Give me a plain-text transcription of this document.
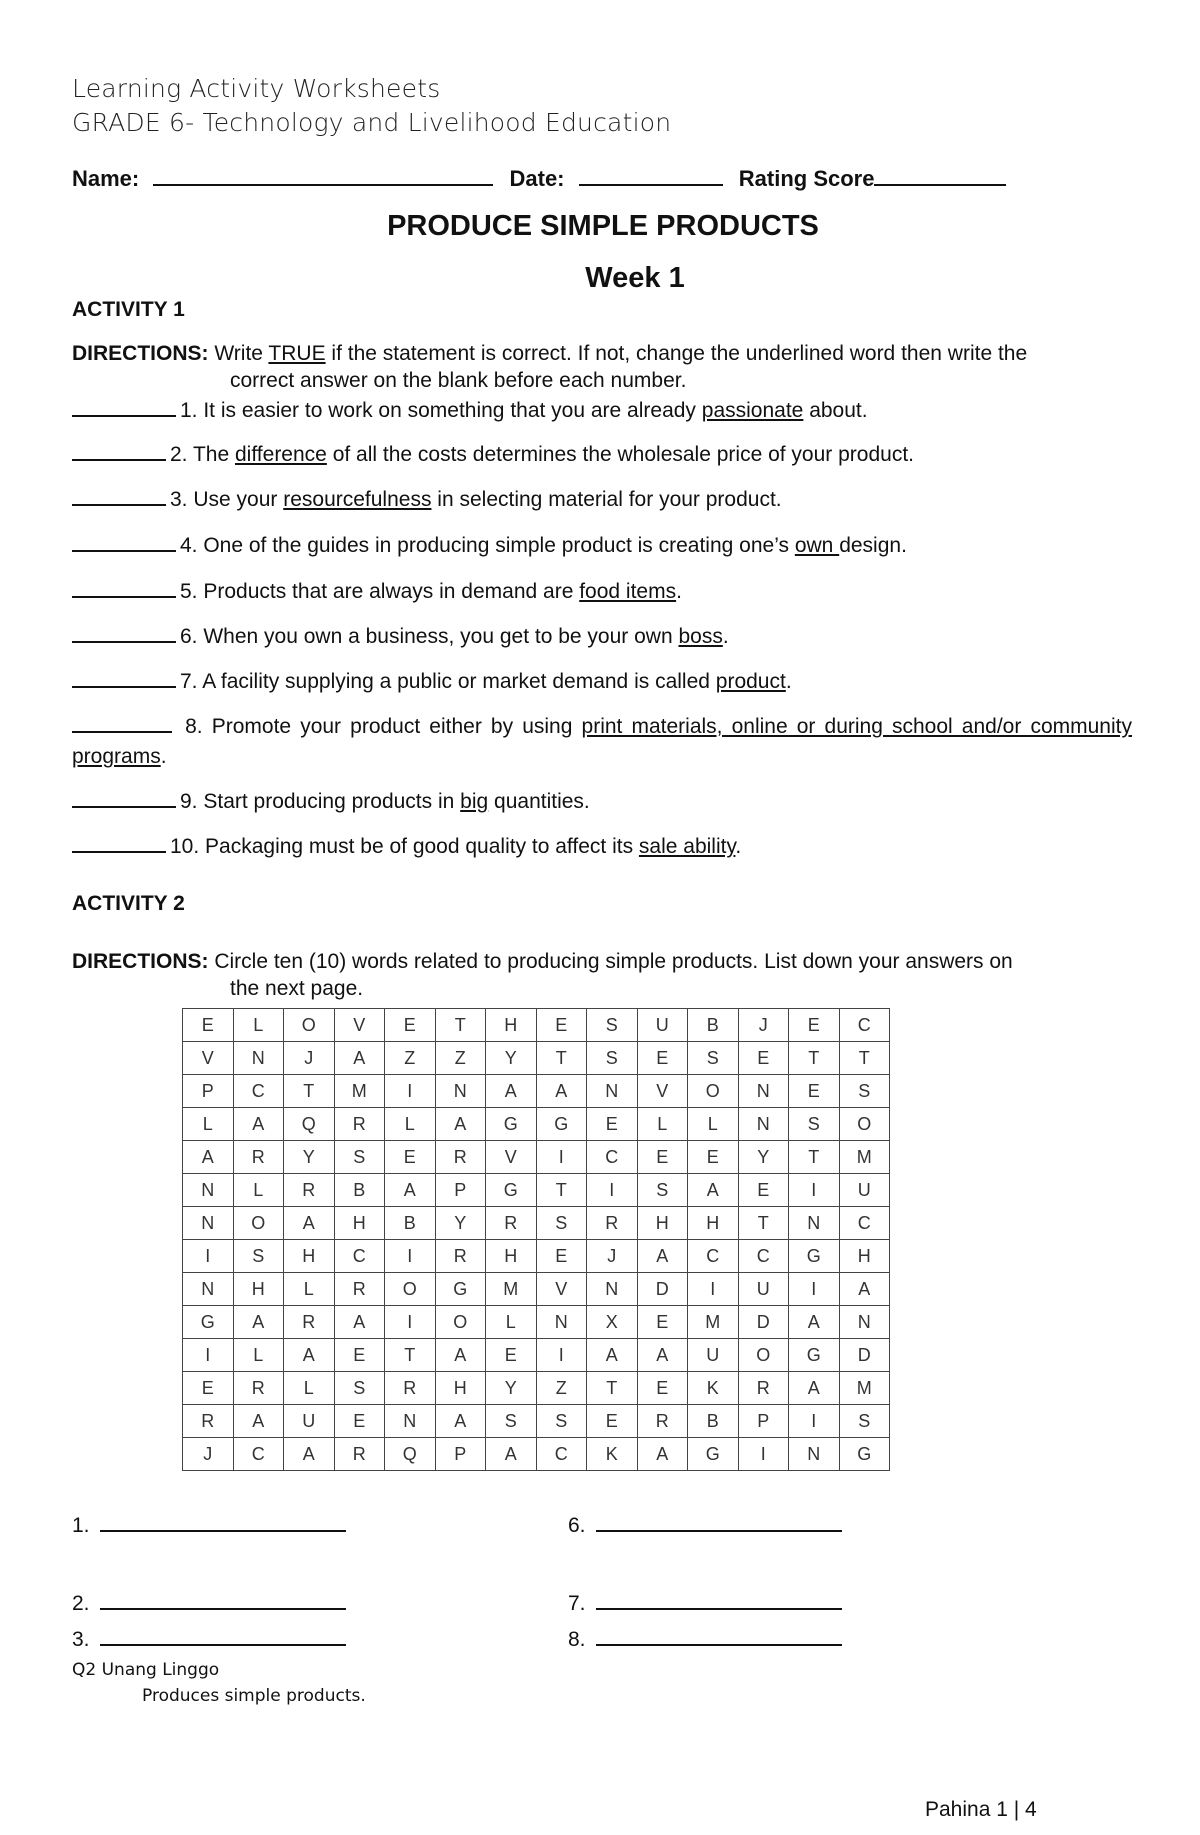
Learning Activity Worksheets
GRADE 6- Technology and Livelihood Education
Name:	Date:	Rating Score
PRODUCE SIMPLE PRODUCTS
Week 1
ACTIVITY 1
DIRECTIONS: Write TRUE if the statement is correct. If not, change the underlined word then write the
correct answer on the blank before each number.
1. It is easier to work on something that you are already passionate about.
2. The difference of all the costs determines the wholesale price of your product.
3. Use your resourcefulness in selecting material for your product.
4. One of the guides in producing simple product is creating one’s own design.
5. Products that are always in demand are food items.
6. When you own a business, you get to be your own boss.
7. A facility supplying a public or market demand is called product.
8. Promote your product either by using print materials, online or during school and/or community programs.
9. Start producing products in big quantities.
10. Packaging must be of good quality to affect its sale ability.
ACTIVITY 2
DIRECTIONS: Circle ten (10) words related to producing simple products. List down your answers on
the next page.
E	L	O	V	E	T	H	E	S	U	B	J	E	C
V	N	J	A	Z	Z	Y	T	S	E	S	E	T	T
P	C	T	M	I	N	A	A	N	V	O	N	E	S
L	A	Q	R	L	A	G	G	E	L	L	N	S	O
A	R	Y	S	E	R	V	I	C	E	E	Y	T	M
N	L	R	B	A	P	G	T	I	S	A	E	I	U
N	O	A	H	B	Y	R	S	R	H	H	T	N	C
I	S	H	C	I	R	H	E	J	A	C	C	G	H
N	H	L	R	O	G	M	V	N	D	I	U	I	A
G	A	R	A	I	O	L	N	X	E	M	D	A	N
I	L	A	E	T	A	E	I	A	A	U	O	G	D
E	R	L	S	R	H	Y	Z	T	E	K	R	A	M
R	A	U	E	N	A	S	S	E	R	B	P	I	S
J	C	A	R	Q	P	A	C	K	A	G	I	N	G
1.	6.
2.	7.
3.	8.
Q2 Unang Linggo
Produces simple products.
Pahina 1 | 4
